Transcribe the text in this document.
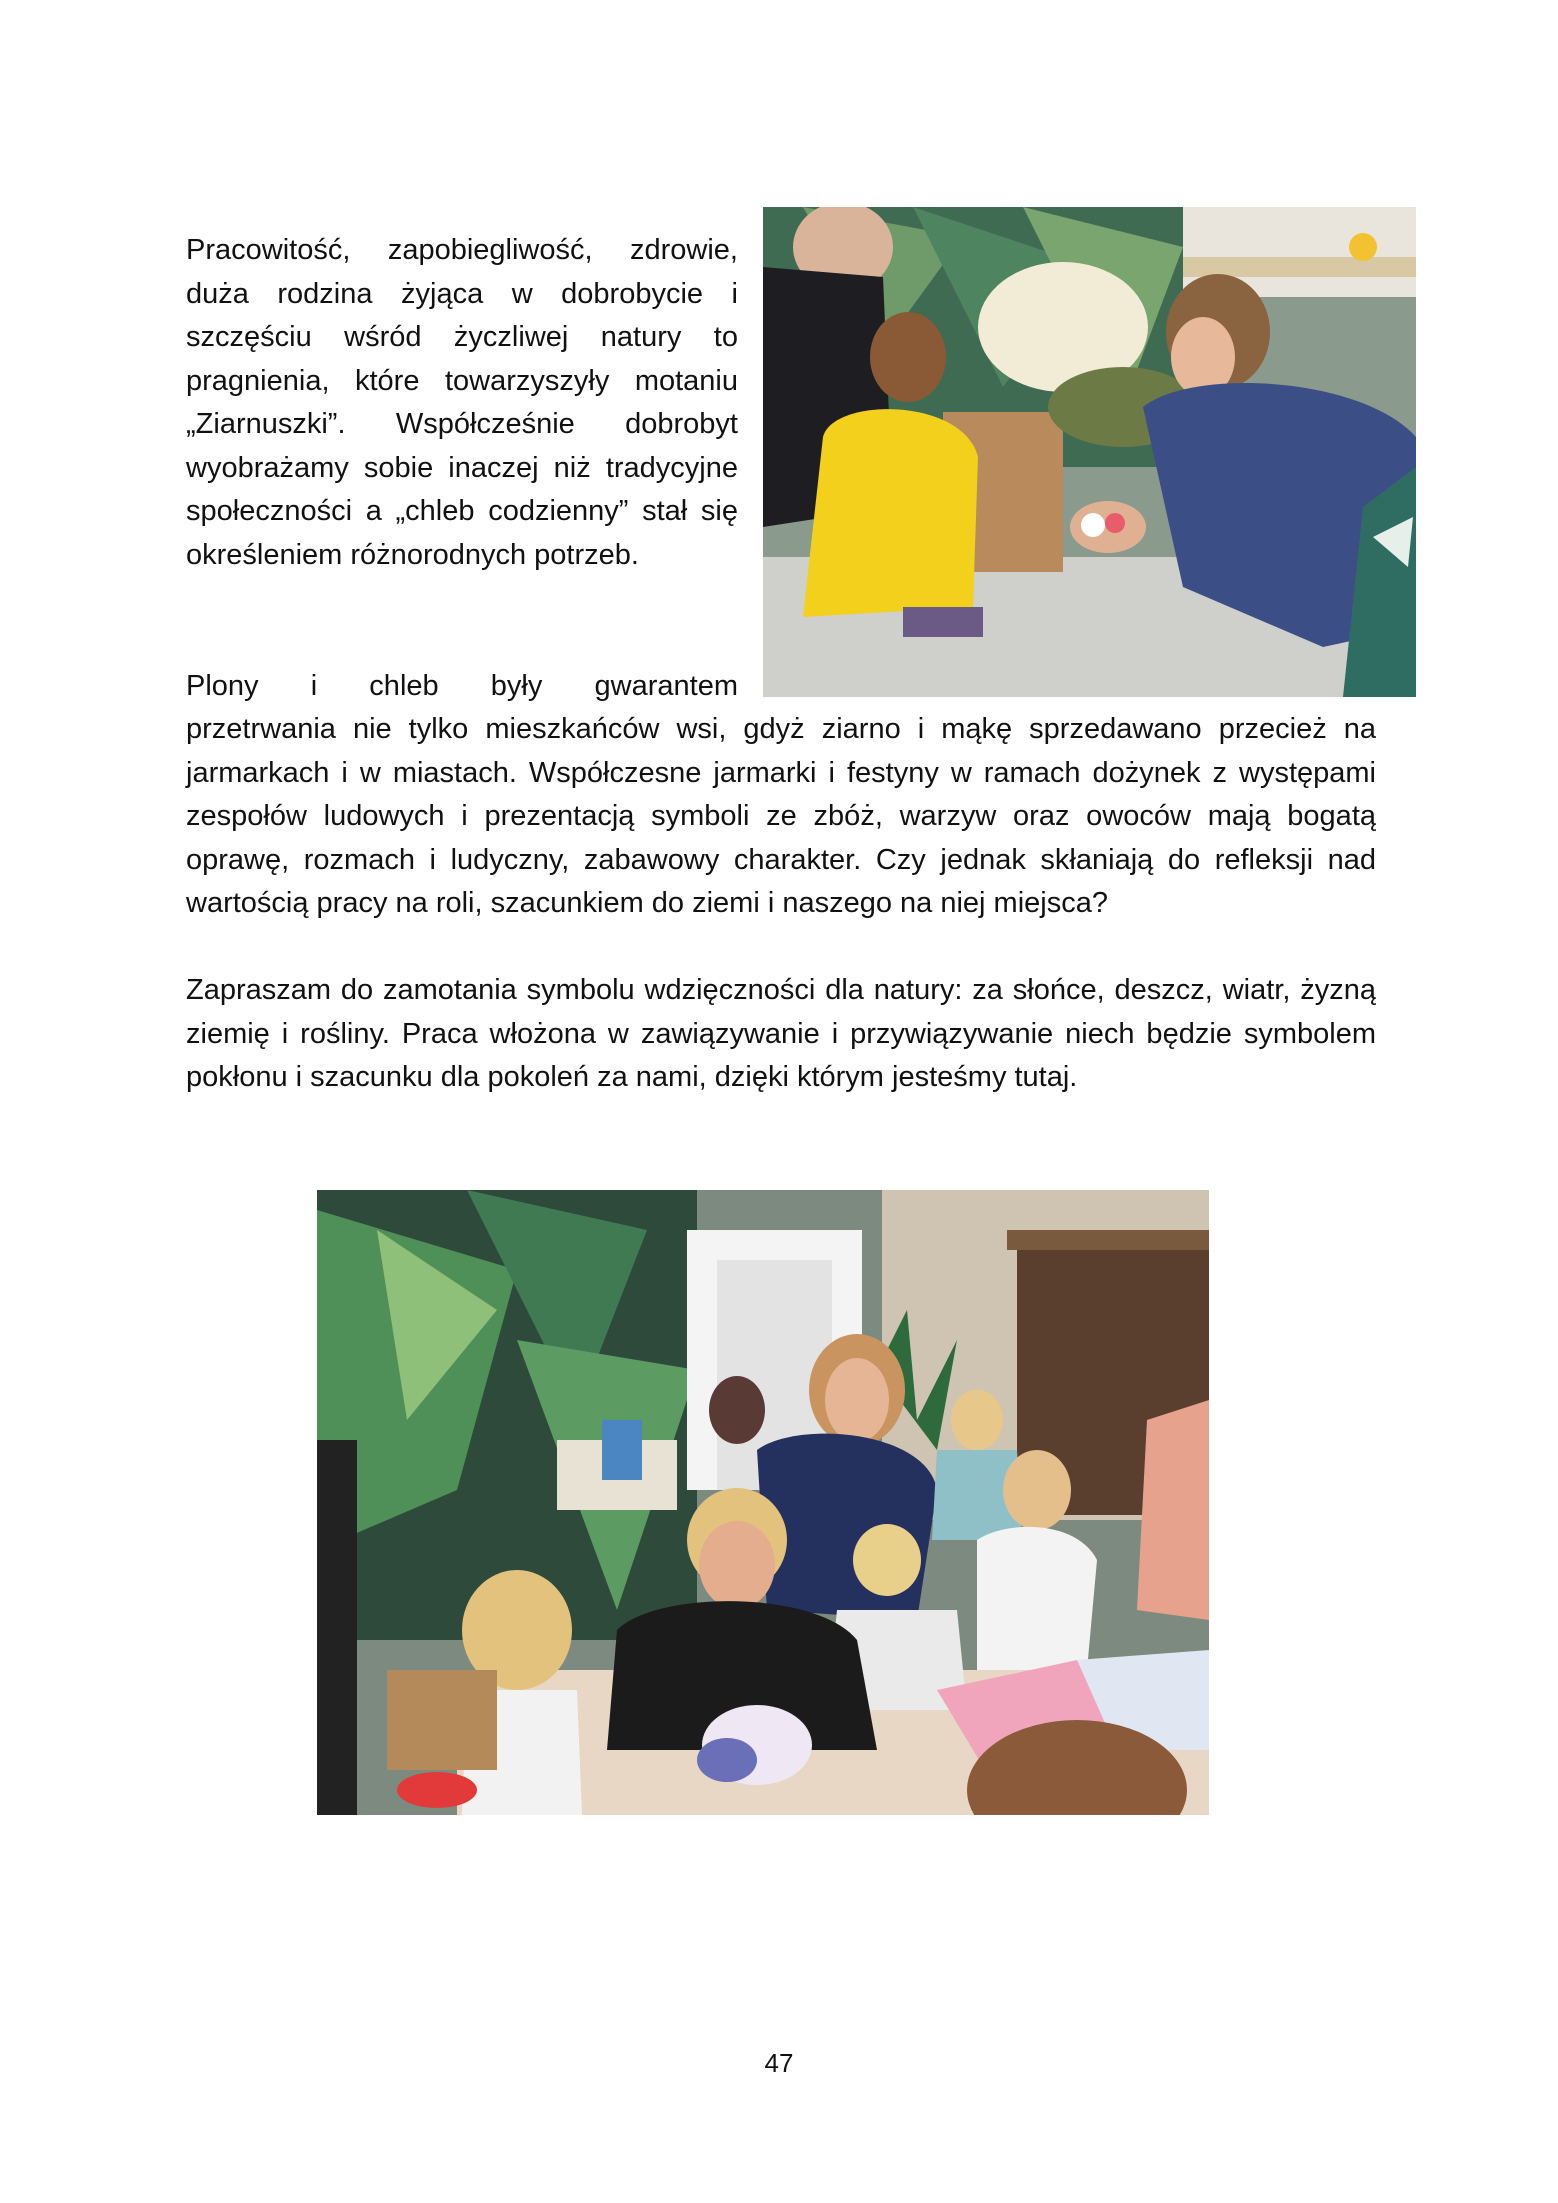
Pracowitość, zapobiegliwość, zdrowie, duża rodzina żyjąca w dobrobycie i szczęściu wśród życzliwej natury to pragnienia, które towarzyszyły motaniu „Ziarnuszki”. Współcześnie dobrobyt wyobrażamy sobie inaczej niż tradycyjne społeczności a „chleb codzienny” stał się określeniem różnorodnych potrzeb.

Plony i chleb były gwarantem

przetrwania nie tylko mieszkańców wsi, gdyż ziarno i mąkę sprzedawano przecież na jarmarkach i w miastach. Współczesne jarmarki i festyny w ramach dożynek z występami zespołów ludowych i prezentacją symboli ze zbóż, warzyw oraz owoców mają bogatą oprawę, rozmach i ludyczny, zabawowy charakter. Czy jednak skłaniają do refleksji nad wartością pracy na roli, szacunkiem do ziemi i naszego na niej miejsca?

Zapraszam do zamotania symbolu wdzięczności dla natury: za słońce, deszcz, wiatr, żyzną ziemię i rośliny. Praca włożona w zawiązywanie i przywiązywanie niech będzie symbolem pokłonu i szacunku dla pokoleń za nami, dzięki którym jesteśmy tutaj.

47
